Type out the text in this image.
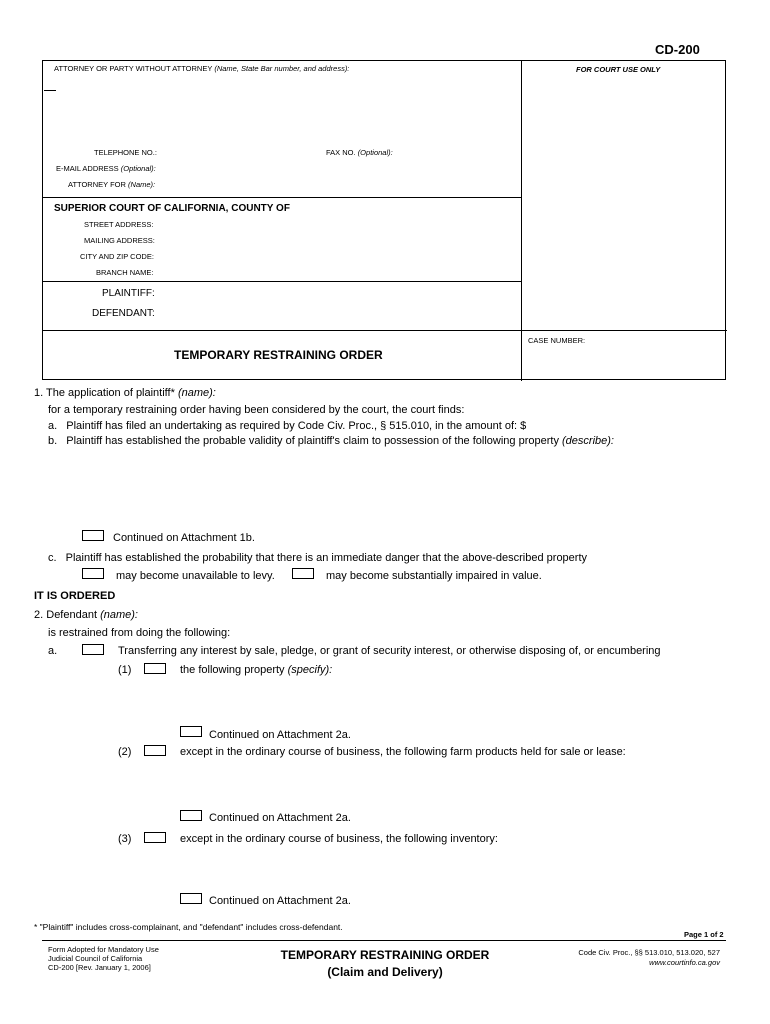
CD-200
ATTORNEY OR PARTY WITHOUT ATTORNEY (Name, State Bar number, and address):	FOR COURT USE ONLY
TELEPHONE NO.:	FAX NO. (Optional):
E-MAIL ADDRESS (Optional):
ATTORNEY FOR (Name):
SUPERIOR COURT OF CALIFORNIA, COUNTY OF
STREET ADDRESS:
MAILING ADDRESS:
CITY AND ZIP CODE:
BRANCH NAME:
PLAINTIFF:
DEFENDANT:
CASE NUMBER:
TEMPORARY RESTRAINING ORDER
1. The application of plaintiff* (name):
for a temporary restraining order having been considered by the court, the court finds:
a. Plaintiff has filed an undertaking as required by Code Civ. Proc., § 515.010, in the amount of: $
b. Plaintiff has established the probable validity of plaintiff's claim to possession of the following property (describe):
Continued on Attachment 1b.
c. Plaintiff has established the probability that there is an immediate danger that the above-described property
may become unavailable to levy.	may become substantially impaired in value.
IT IS ORDERED
2. Defendant (name):
is restrained from doing the following:
a.	Transferring any interest by sale, pledge, or grant of security interest, or otherwise disposing of, or encumbering
(1)	the following property (specify):
Continued on Attachment 2a.
(2)	except in the ordinary course of business, the following farm products held for sale or lease:
Continued on Attachment 2a.
(3)	except in the ordinary course of business, the following inventory:
Continued on Attachment 2a.
* "Plaintiff" includes cross-complainant, and "defendant" includes cross-defendant.
Page 1 of 2
Form Adopted for Mandatory Use
Judicial Council of California
CD-200 [Rev. January 1, 2006]
TEMPORARY RESTRAINING ORDER
(Claim and Delivery)
Code Civ. Proc., §§ 513.010, 513.020, 527
www.courtinfo.ca.gov
